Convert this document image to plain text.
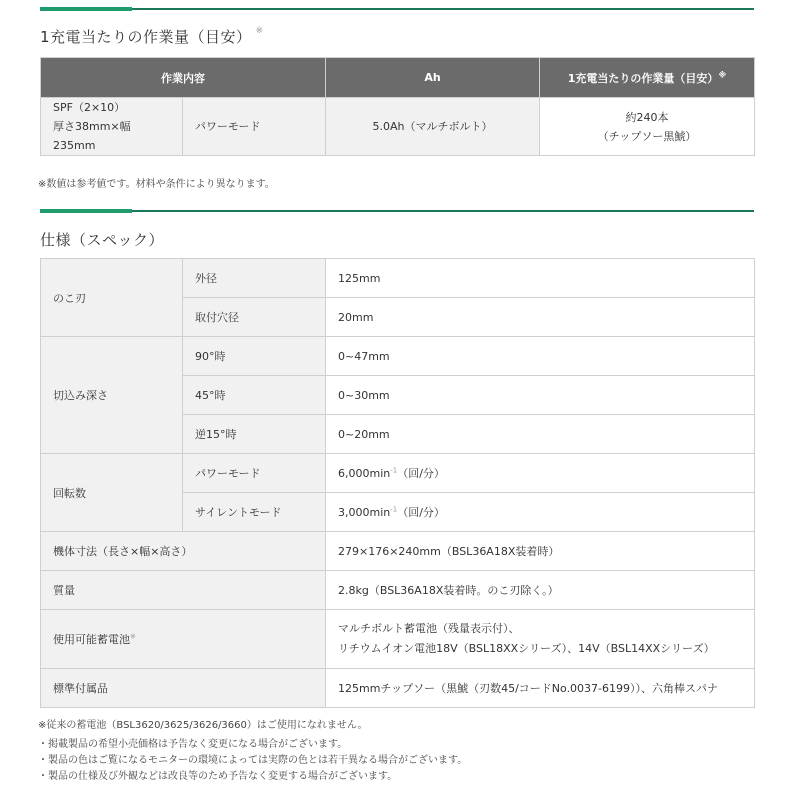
1充電当たりの作業量（目安） ※
作業内容		Ah	1充電当たりの作業量（目安）※
SPF（2×10）
厚さ38mm×幅235mm	パワーモード	5.0Ah（マルチボルト）	約240本
（チップソー黒鯱）
※数値は参考値です。材料や条件により異なります。
仕様（スペック）
のこ刃	外径	125mm
	取付穴径	20mm
切込み深さ	90°時	0~47mm
	45°時	0~30mm
	逆15°時	0~20mm
回転数	パワーモード	$6,000\min^{-1}$（回/分）
	サイレントモード	$3,000\min^{-1}$（回/分）
機体寸法（長さ×幅×高さ）		279×176×240mm（BSL36A18X装着時）
質量		2.8kg（BSL36A18X装着時。のこ刃除く。）
使用可能蓄電池※		マルチボルト蓄電池（残量表示付）、
リチウムイオン電池18V（BSL18XXシリーズ）、14V（BSL14XXシリーズ）
標準付属品		125mmチップソー（黒鯱（刃数45/コードNo.0037-6199））、六角棒スパナ
※従来の蓄電池（BSL3620/3625/3626/3660）はご使用になれません。
・掲載製品の希望小売価格は予告なく変更になる場合がございます。
・製品の色はご覧になるモニターの環境によっては実際の色とは若干異なる場合がございます。
・製品の仕様及び外観などは改良等のため予告なく変更する場合がございます。
